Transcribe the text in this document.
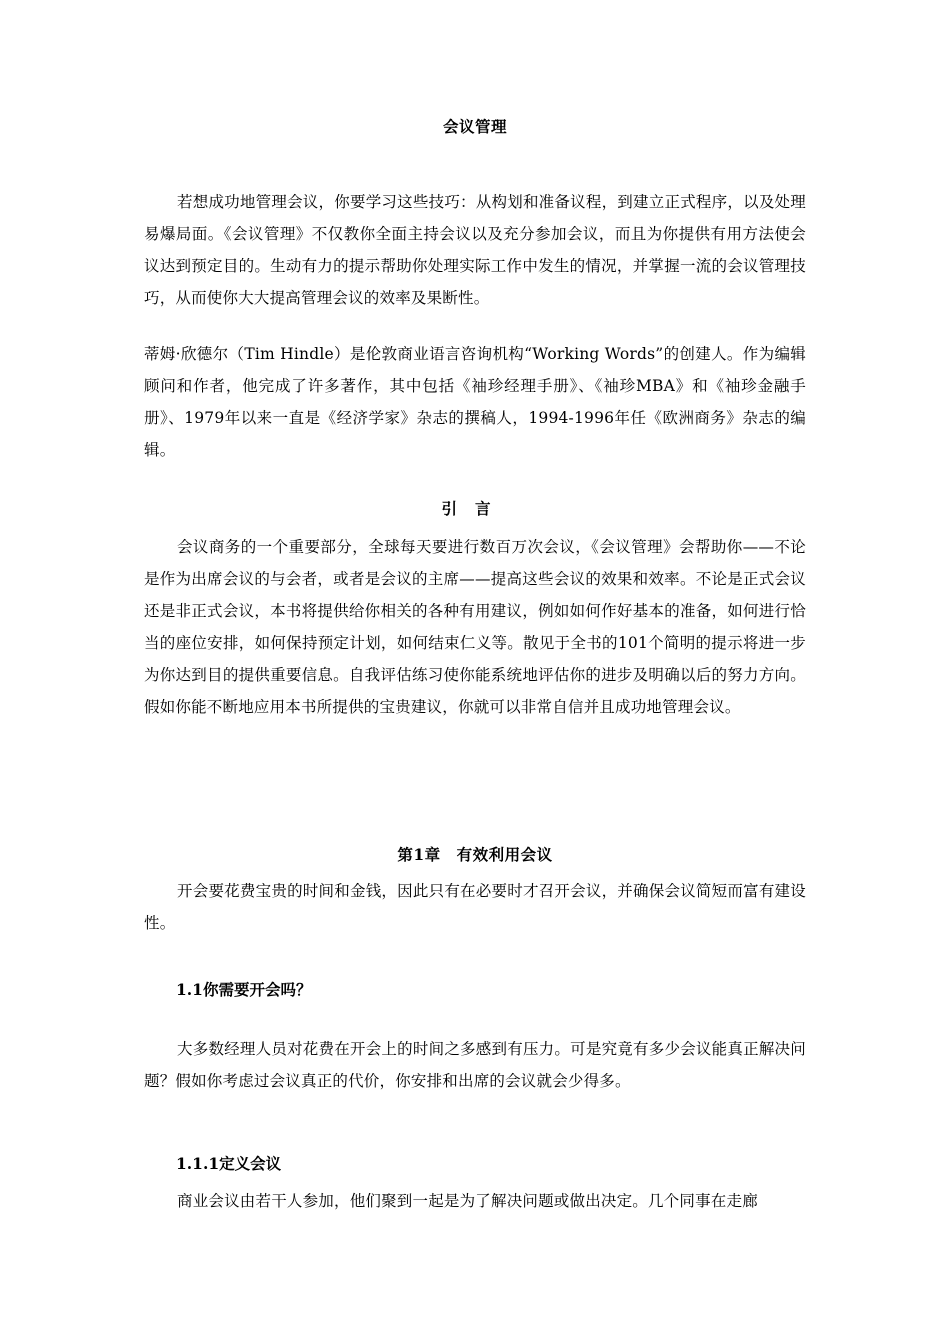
会议管理

若想成功地管理会议，你要学习这些技巧：从构划和准备议程，到建立正式程序，以及处理易爆局面。《会议管理》不仅教你全面主持会议以及充分参加会议，而且为你提供有用方法使会议达到预定目的。生动有力的提示帮助你处理实际工作中发生的情况，并掌握一流的会议管理技巧，从而使你大大提高管理会议的效率及果断性。

蒂姆·欣德尔（Tim Hindle）是伦敦商业语言咨询机构“Working Words”的创建人。作为编辑顾问和作者，他完成了许多著作，其中包括《袖珍经理手册》、《袖珍MBA》和《袖珍金融手册》、1979年以来一直是《经济学家》杂志的撰稿人，1994-1996年任《欧洲商务》杂志的编辑。

引言

会议商务的一个重要部分，全球每天要进行数百万次会议，《会议管理》会帮助你——不论是作为出席会议的与会者，或者是会议的主席——提高这些会议的效果和效率。不论是正式会议还是非正式会议，本书将提供给你相关的各种有用建议，例如如何作好基本的准备，如何进行恰当的座位安排，如何保持预定计划，如何结束仁义等。散见于全书的101个简明的提示将进一步为你达到目的提供重要信息。自我评估练习使你能系统地评估你的进步及明确以后的努力方向。假如你能不断地应用本书所提供的宝贵建议，你就可以非常自信并且成功地管理会议。

第1章　有效利用会议

开会要花费宝贵的时间和金钱，因此只有在必要时才召开会议，并确保会议简短而富有建设性。

1.1你需要开会吗？

大多数经理人员对花费在开会上的时间之多感到有压力。可是究竟有多少会议能真正解决问题？假如你考虑过会议真正的代价，你安排和出席的会议就会少得多。

1.1.1定义会议

商业会议由若干人参加，他们聚到一起是为了解决问题或做出决定。几个同事在走廊
